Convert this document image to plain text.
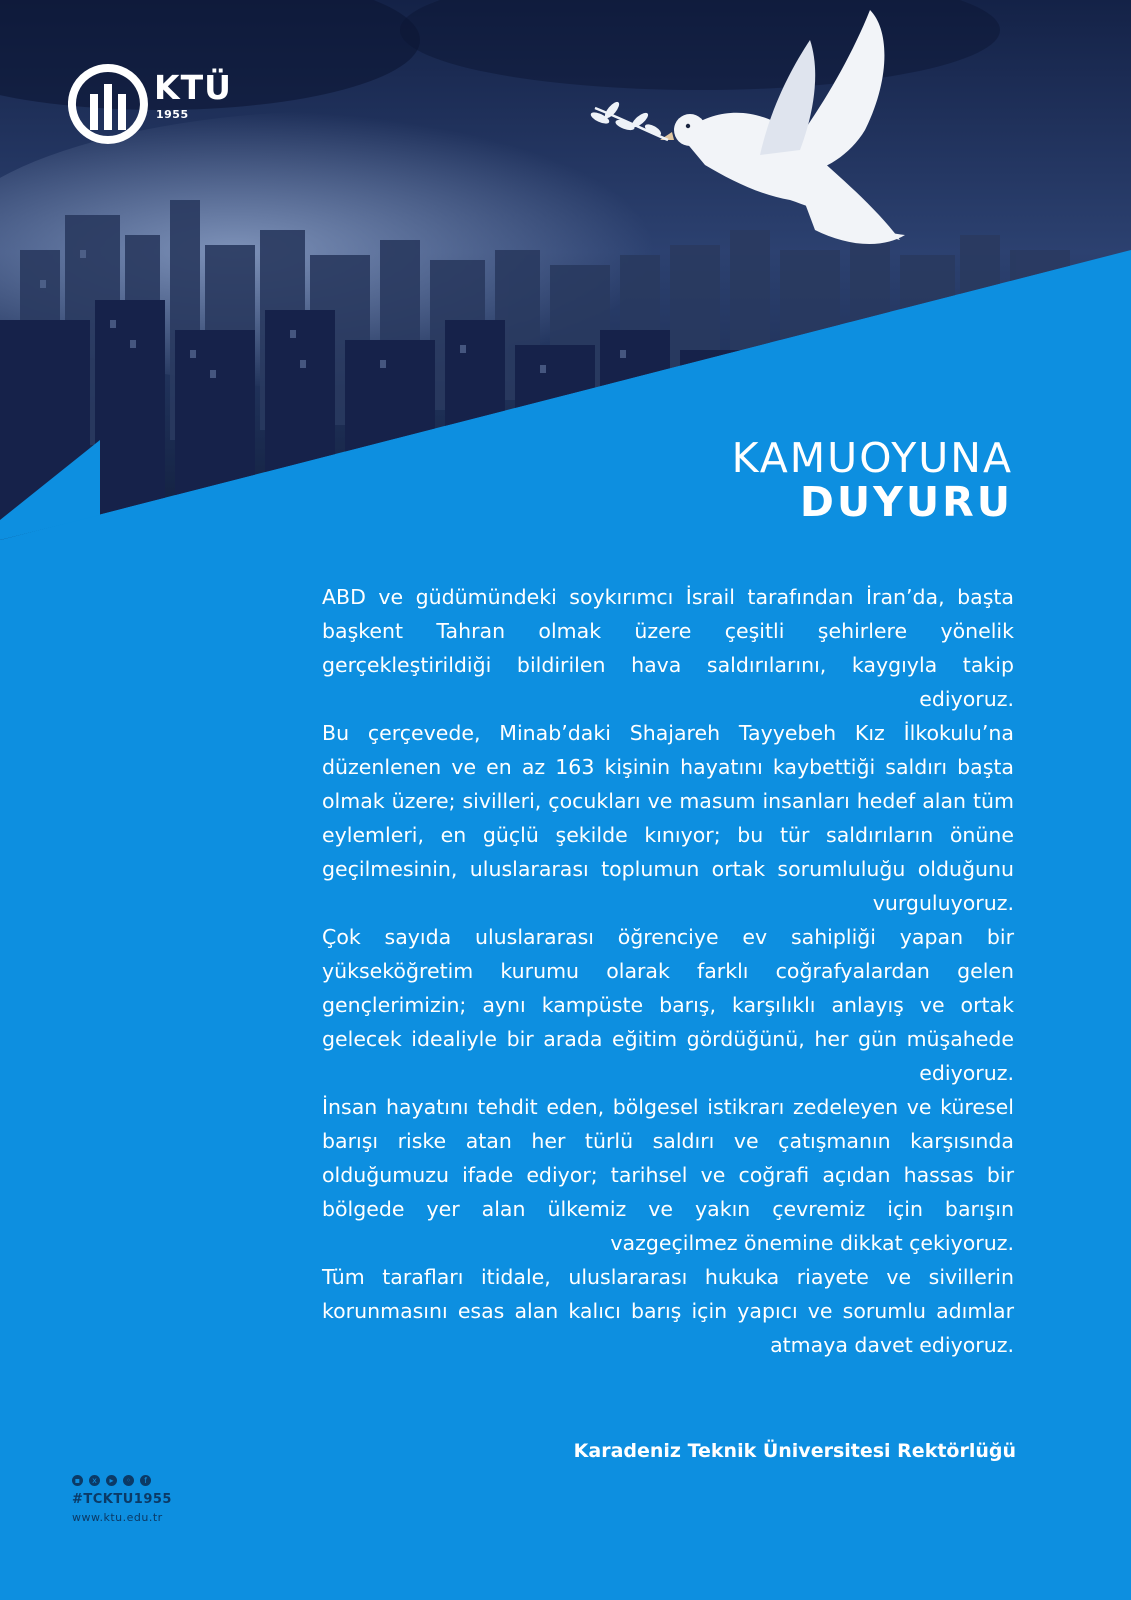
KTÜ
1955
KAMUOYUNA
DUYURU

ABD ve güdümündeki soykırımcı İsrail tarafından İran’da, başta başkent Tahran olmak üzere çeşitli şehirlere yönelik gerçekleştirildiği bildirilen hava saldırılarını, kaygıyla takip ediyoruz.

Bu çerçevede, Minab’daki Shajareh Tayyebeh Kız İlkokulu’na düzenlenen ve en az 163 kişinin hayatını kaybettiği saldırı başta olmak üzere; sivilleri, çocukları ve masum insanları hedef alan tüm eylemleri, en güçlü şekilde kınıyor; bu tür saldırıların önüne geçilmesinin, uluslararası toplumun ortak sorumluluğu olduğunu vurguluyoruz.

Çok sayıda uluslararası öğrenciye ev sahipliği yapan bir yükseköğretim kurumu olarak farklı coğrafyalardan gelen gençlerimizin; aynı kampüste barış, karşılıklı anlayış ve ortak gelecek idealiyle bir arada eğitim gördüğünü, her gün müşahede ediyoruz.

İnsan hayatını tehdit eden, bölgesel istikrarı zedeleyen ve küresel barışı riske atan her türlü saldırı ve çatışmanın karşısında olduğumuzu ifade ediyor; tarihsel ve coğrafi açıdan hassas bir bölgede yer alan ülkemiz ve yakın çevremiz için barışın vazgeçilmez önemine dikkat çekiyoruz.

Tüm tarafları itidale, uluslararası hukuka riayete ve sivillerin korunmasını esas alan kalıcı barış için yapıcı ve sorumlu adımlar atmaya davet ediyoruz.

Karadeniz Teknik Üniversitesi Rektörlüğü
▪	x	▸	◦	f
#TCKTU1955
www.ktu.edu.tr
